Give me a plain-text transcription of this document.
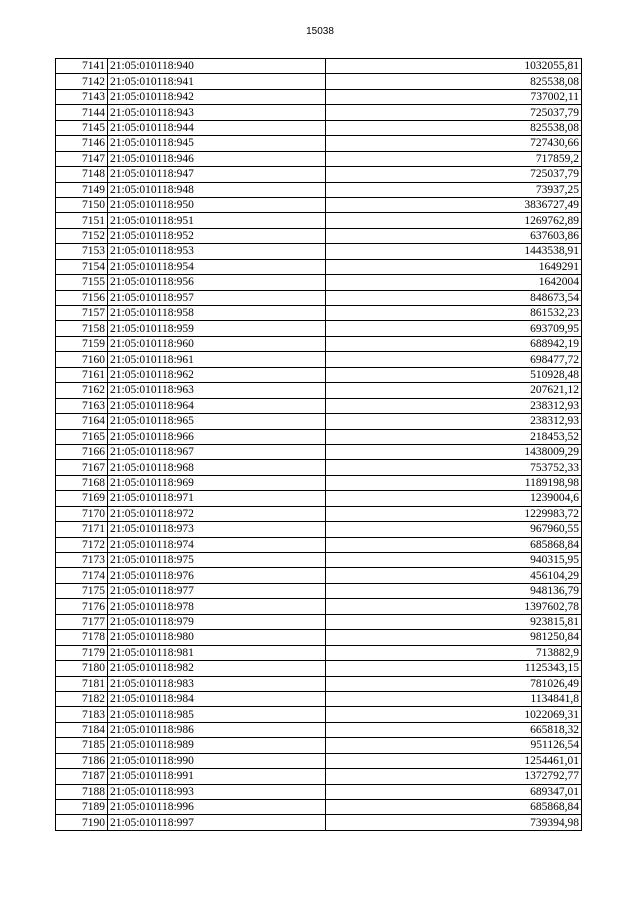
15038
7141	21:05:010118:940	1032055,81
7142	21:05:010118:941	825538,08
7143	21:05:010118:942	737002,11
7144	21:05:010118:943	725037,79
7145	21:05:010118:944	825538,08
7146	21:05:010118:945	727430,66
7147	21:05:010118:946	717859,2
7148	21:05:010118:947	725037,79
7149	21:05:010118:948	73937,25
7150	21:05:010118:950	3836727,49
7151	21:05:010118:951	1269762,89
7152	21:05:010118:952	637603,86
7153	21:05:010118:953	1443538,91
7154	21:05:010118:954	1649291
7155	21:05:010118:956	1642004
7156	21:05:010118:957	848673,54
7157	21:05:010118:958	861532,23
7158	21:05:010118:959	693709,95
7159	21:05:010118:960	688942,19
7160	21:05:010118:961	698477,72
7161	21:05:010118:962	510928,48
7162	21:05:010118:963	207621,12
7163	21:05:010118:964	238312,93
7164	21:05:010118:965	238312,93
7165	21:05:010118:966	218453,52
7166	21:05:010118:967	1438009,29
7167	21:05:010118:968	753752,33
7168	21:05:010118:969	1189198,98
7169	21:05:010118:971	1239004,6
7170	21:05:010118:972	1229983,72
7171	21:05:010118:973	967960,55
7172	21:05:010118:974	685868,84
7173	21:05:010118:975	940315,95
7174	21:05:010118:976	456104,29
7175	21:05:010118:977	948136,79
7176	21:05:010118:978	1397602,78
7177	21:05:010118:979	923815,81
7178	21:05:010118:980	981250,84
7179	21:05:010118:981	713882,9
7180	21:05:010118:982	1125343,15
7181	21:05:010118:983	781026,49
7182	21:05:010118:984	1134841,8
7183	21:05:010118:985	1022069,31
7184	21:05:010118:986	665818,32
7185	21:05:010118:989	951126,54
7186	21:05:010118:990	1254461,01
7187	21:05:010118:991	1372792,77
7188	21:05:010118:993	689347,01
7189	21:05:010118:996	685868,84
7190	21:05:010118:997	739394,98
